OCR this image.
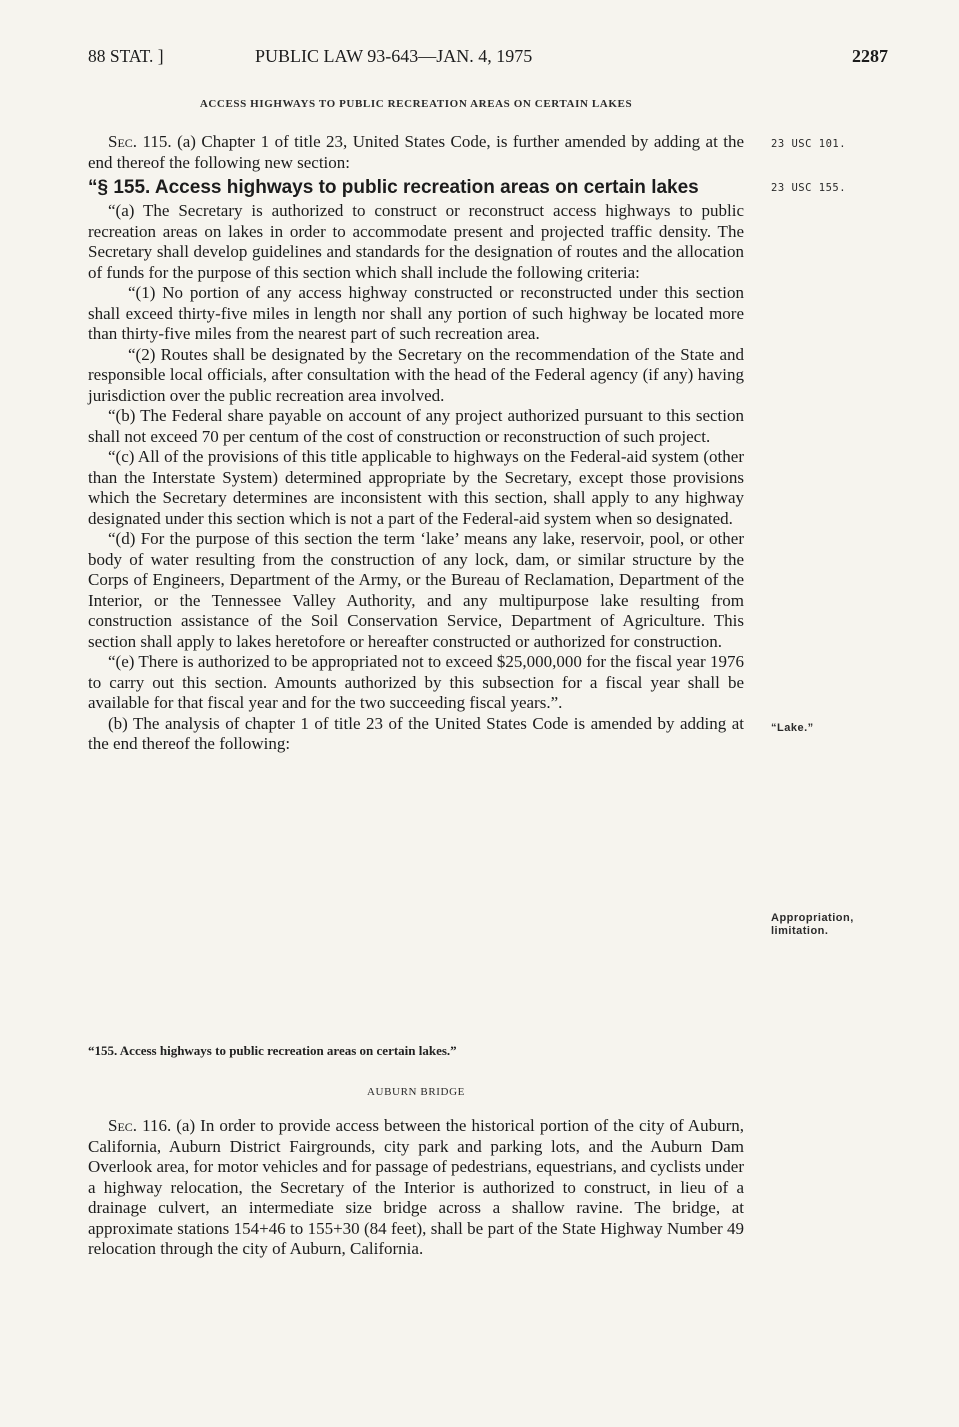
88 STAT. ]	PUBLIC LAW 93-643—JAN. 4, 1975	2287
ACCESS HIGHWAYS TO PUBLIC RECREATION AREAS ON CERTAIN LAKES

Sec. 115. (a) Chapter 1 of title 23, United States Code, is further amended by adding at the end thereof the following new section:

“§ 155. Access highways to public recreation areas on certain lakes

“(a) The Secretary is authorized to construct or reconstruct access highways to public recreation areas on lakes in order to accommodate present and projected traffic density. The Secretary shall develop guidelines and standards for the designation of routes and the allocation of funds for the purpose of this section which shall include the following criteria:

“(1) No portion of any access highway constructed or reconstructed under this section shall exceed thirty-five miles in length nor shall any portion of such highway be located more than thirty-five miles from the nearest part of such recreation area.

“(2) Routes shall be designated by the Secretary on the recommendation of the State and responsible local officials, after consultation with the head of the Federal agency (if any) having jurisdiction over the public recreation area involved.

“(b) The Federal share payable on account of any project authorized pursuant to this section shall not exceed 70 per centum of the cost of construction or reconstruction of such project.

“(c) All of the provisions of this title applicable to highways on the Federal-aid system (other than the Interstate System) determined appropriate by the Secretary, except those provisions which the Secretary determines are inconsistent with this section, shall apply to any highway designated under this section which is not a part of the Federal-aid system when so designated.

“(d) For the purpose of this section the term ‘lake’ means any lake, reservoir, pool, or other body of water resulting from the construction of any lock, dam, or similar structure by the Corps of Engineers, Department of the Army, or the Bureau of Reclamation, Department of the Interior, or the Tennessee Valley Authority, and any multipurpose lake resulting from construction assistance of the Soil Conservation Service, Department of Agriculture. This section shall apply to lakes heretofore or hereafter constructed or authorized for construction.

“(e) There is authorized to be appropriated not to exceed $25,000,000 for the fiscal year 1976 to carry out this section. Amounts authorized by this subsection for a fiscal year shall be available for that fiscal year and for the two succeeding fiscal years.”.

(b) The analysis of chapter 1 of title 23 of the United States Code is amended by adding at the end thereof the following:

“155. Access highways to public recreation areas on certain lakes.”
AUBURN BRIDGE

Sec. 116. (a) In order to provide access between the historical portion of the city of Auburn, California, Auburn District Fairgrounds, city park and parking lots, and the Auburn Dam Overlook area, for motor vehicles and for passage of pedestrians, equestrians, and cyclists under a highway relocation, the Secretary of the Interior is authorized to construct, in lieu of a drainage culvert, an intermediate size bridge across a shallow ravine. The bridge, at approximate stations 154+46 to 155+30 (84 feet), shall be part of the State Highway Number 49 relocation through the city of Auburn, California.

23 USC 101.
23 USC 155.
“Lake.”
Appropriation,
limitation.
